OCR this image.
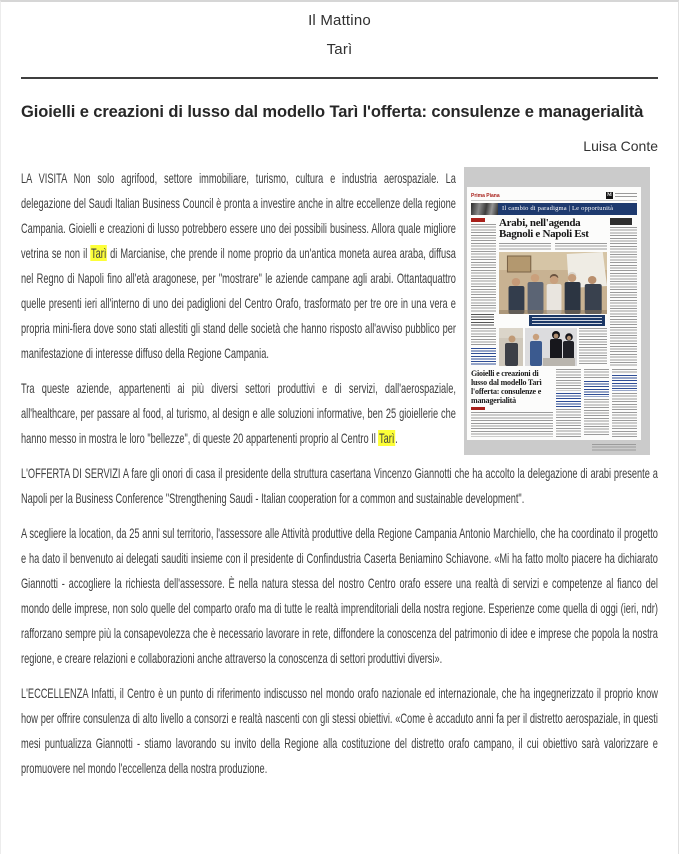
Il Mattino
Tarì
Gioielli e creazioni di lusso dal modello Tarì l'offerta: consulenze e managerialità
Luisa Conte
Prima Piana	M
Il cambio di paradigma | Le opportunità
Arabi, nell'agenda Bagnoli e Napoli Est
Gioielli e creazioni di lusso dal modello Tarì l'offerta: consulenze e managerialità

LA VISITA Non solo agrifood, settore immobiliare, turismo, cultura e industria aerospaziale. La delegazione del Saudi Italian Business Council è pronta a investire anche in altre eccellenze della regione Campania. Gioielli e creazioni di lusso potrebbero essere uno dei possibili business. Allora quale migliore vetrina se non il Tarì di Marcianise, che prende il nome proprio da un'antica moneta aurea araba, diffusa nel Regno di Napoli fino all'età aragonese, per "mostrare" le aziende campane agli arabi. Ottantaquattro quelle presenti ieri all'interno di uno dei padiglioni del Centro Orafo, trasformato per tre ore in una vera e propria mini-fiera dove sono stati allestiti gli stand delle società che hanno risposto all'avviso pubblico per manifestazione di interesse diffuso della Regione Campania.

Tra queste aziende, appartenenti ai più diversi settori produttivi e di servizi, dall'aerospaziale, all'healthcare, per passare al food, al turismo, al design e alle soluzioni informative, ben 25 gioiellerie che hanno messo in mostra le loro "bellezze", di queste 20 appartenenti proprio al Centro Il Tarì.

L'OFFERTA DI SERVIZI A fare gli onori di casa il presidente della struttura casertana Vincenzo Giannotti che ha accolto la delegazione di arabi presente a Napoli per la Business Conference "Strengthening Saudi - Italian cooperation for a common and sustainable development".

A scegliere la location, da 25 anni sul territorio, l'assessore alle Attività produttive della Regione Campania Antonio Marchiello, che ha coordinato il progetto e ha dato il benvenuto ai delegati sauditi insieme con il presidente di Confindustria Caserta Beniamino Schiavone. «Mi ha fatto molto piacere ha dichiarato Giannotti - accogliere la richiesta dell'assessore. È nella natura stessa del nostro Centro orafo essere una realtà di servizi e competenze al fianco del mondo delle imprese, non solo quelle del comparto orafo ma di tutte le realtà imprenditoriali della nostra regione. Esperienze come quella di oggi (ieri, ndr) rafforzano sempre più la consapevolezza che è necessario lavorare in rete, diffondere la conoscenza del patrimonio di idee e imprese che popola la nostra regione, e creare relazioni e collaborazioni anche attraverso la conoscenza di settori produttivi diversi».

L'ECCELLENZA Infatti, il Centro è un punto di riferimento indiscusso nel mondo orafo nazionale ed internazionale, che ha ingegnerizzato il proprio know how per offrire consulenza di alto livello a consorzi e realtà nascenti con gli stessi obiettivi. «Come è accaduto anni fa per il distretto aerospaziale, in questi mesi puntualizza Giannotti - stiamo lavorando su invito della Regione alla costituzione del distretto orafo campano, il cui obiettivo sarà valorizzare e promuovere nel mondo l'eccellenza della nostra produzione.
